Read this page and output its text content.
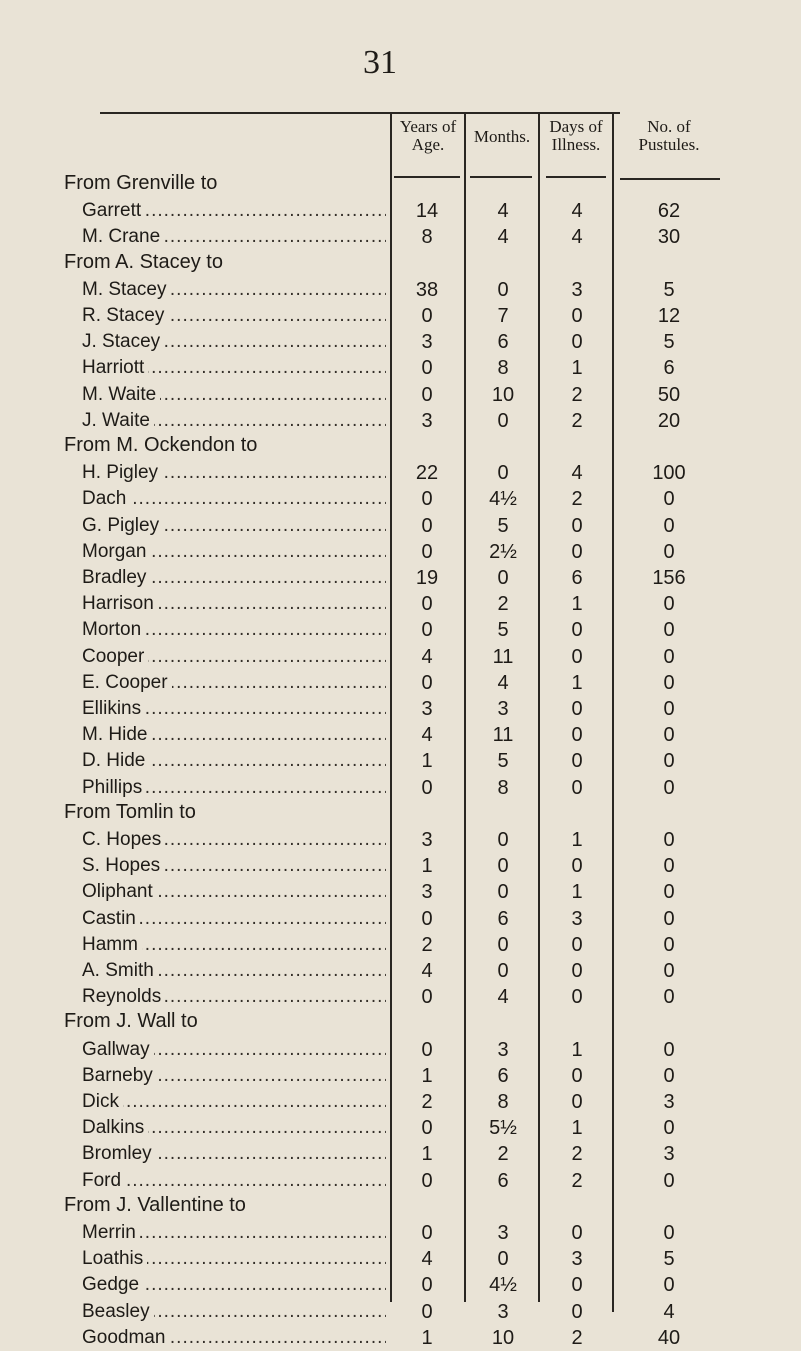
31
Years of
Age.	Months.
Days of
Illness.
No. of
Pustules.
From Grenville to
Garrett .....	14	4	4	62
M. Crane .....	8	4	4	30
From A. Stacey to
M. Stacey .....	38	0	3	5
R. Stacey .....	0	7	0	12
J. Stacey .....	3	6	0	5
Harriott .....	0	8	1	6
M. Waite .....	0	10	2	50
J. Waite .....	3	0	2	20
From M. Ockendon to
H. Pigley .....	22	0	4	100
Dach .....	0	4½	2	0
G. Pigley .....	0	5	0	0
Morgan .....	0	2½	0	0
Bradley .....	19	0	6	156
Harrison .....	0	2	1	0
Morton .....	0	5	0	0
Cooper .....	4	11	0	0
E. Cooper .....	0	4	1	0
Ellikins .....	3	3	0	0
M. Hide .....	4	11	0	0
D. Hide .....	1	5	0	0
Phillips .....	0	8	0	0
From Tomlin to
C. Hopes .....	3	0	1	0
S. Hopes .....	1	0	0	0
Oliphant .....	3	0	1	0
Castin .....	0	6	3	0
Hamm .....	2	0	0	0
A. Smith .....	4	0	0	0
Reynolds .....	0	4	0	0
From J. Wall to
Gallway .....	0	3	1	0
Barneby .....	1	6	0	0
Dick .....	2	8	0	3
Dalkins .....	0	5½	1	0
Bromley .....	1	2	2	3
Ford .....	0	6	2	0
From J. Vallentine to
Merrin .....	0	3	0	0
Loathis .....	4	0	3	5
Gedge .....	0	4½	0	0
Beasley .....	0	3	0	4
Goodman .....	1	10	2	40
